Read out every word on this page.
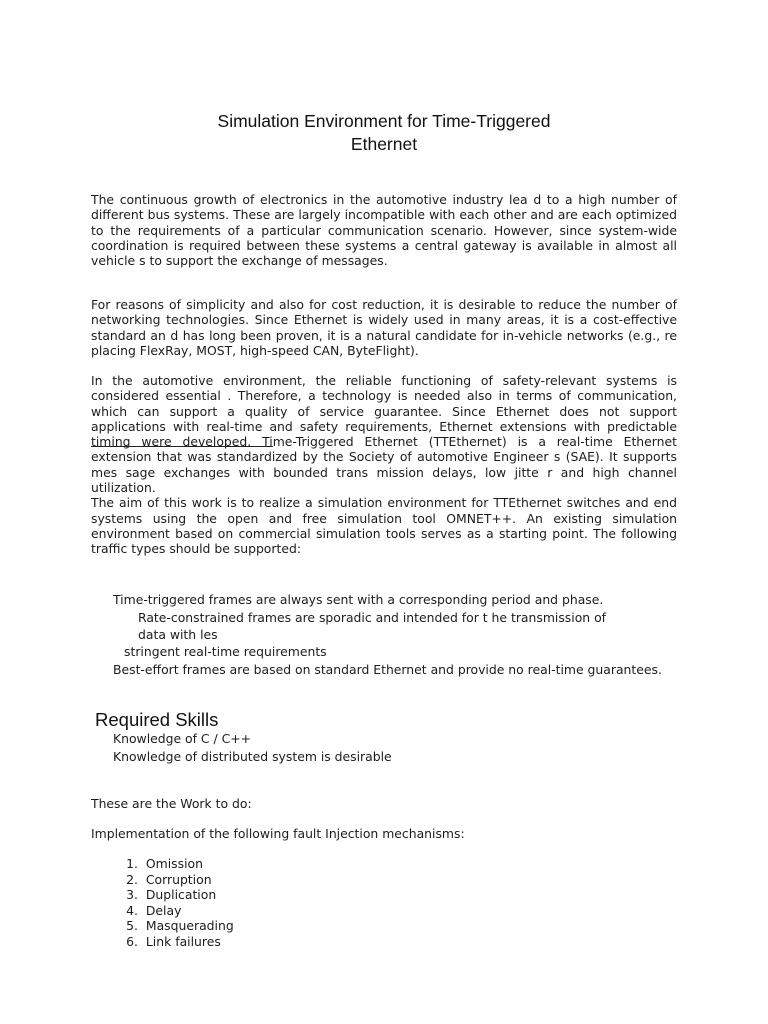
Simulation Environment for Time-Triggered
Ethernet

The continuous growth of electronics in the automotive industry lea d to a high number of different bus systems. These are largely incompatible with each other and are each optimized to the requirements of a particular communication scenario. However, since system-wide coordination is required between these systems a central gateway is available in almost all vehicle s to support the exchange of messages.

For reasons of simplicity and also for cost reduction, it is desirable to reduce the number of networking technologies. Since Ethernet is widely used in many areas, it is a cost-effective standard an d has long been proven, it is a natural candidate for in-vehicle networks (e.g., re placing FlexRay, MOST, high-speed CAN, ByteFlight).

In the automotive environment, the reliable functioning of safety-relevant systems is considered essential . Therefore, a technology is needed also in terms of communication, which can support a quality of service guarantee. Since Ethernet does not support applications with real-time and safety requirements, Ethernet extensions with predictable timing were developed. Time-Triggered Ethernet (TTEthernet) is a real-time Ethernet extension that was standardized by the Society of automotive Engineer s (SAE). It supports mes sage exchanges with bounded trans mission delays, low jitte r and high channel utilization.

The aim of this work is to realize a simulation environment for TTEthernet switches and end systems using the open and free simulation tool OMNET++. An existing simulation environment based on commercial simulation tools serves as a starting point. The following traffic types should be supported:

Time-triggered frames are always sent with a corresponding period and phase.
Rate-constrained frames are sporadic and intended for t he transmission of
data with les
stringent real-time requirements
Best-effort frames are based on standard Ethernet and provide no real-time guarantees.
Required Skills
Knowledge of C / C++
Knowledge of distributed system is desirable
These are the Work to do:
Implementation of the following fault Injection mechanisms:
1.
Omission
2.
Corruption
3.
Duplication
4.
Delay
5.
Masquerading
6.
Link failures
